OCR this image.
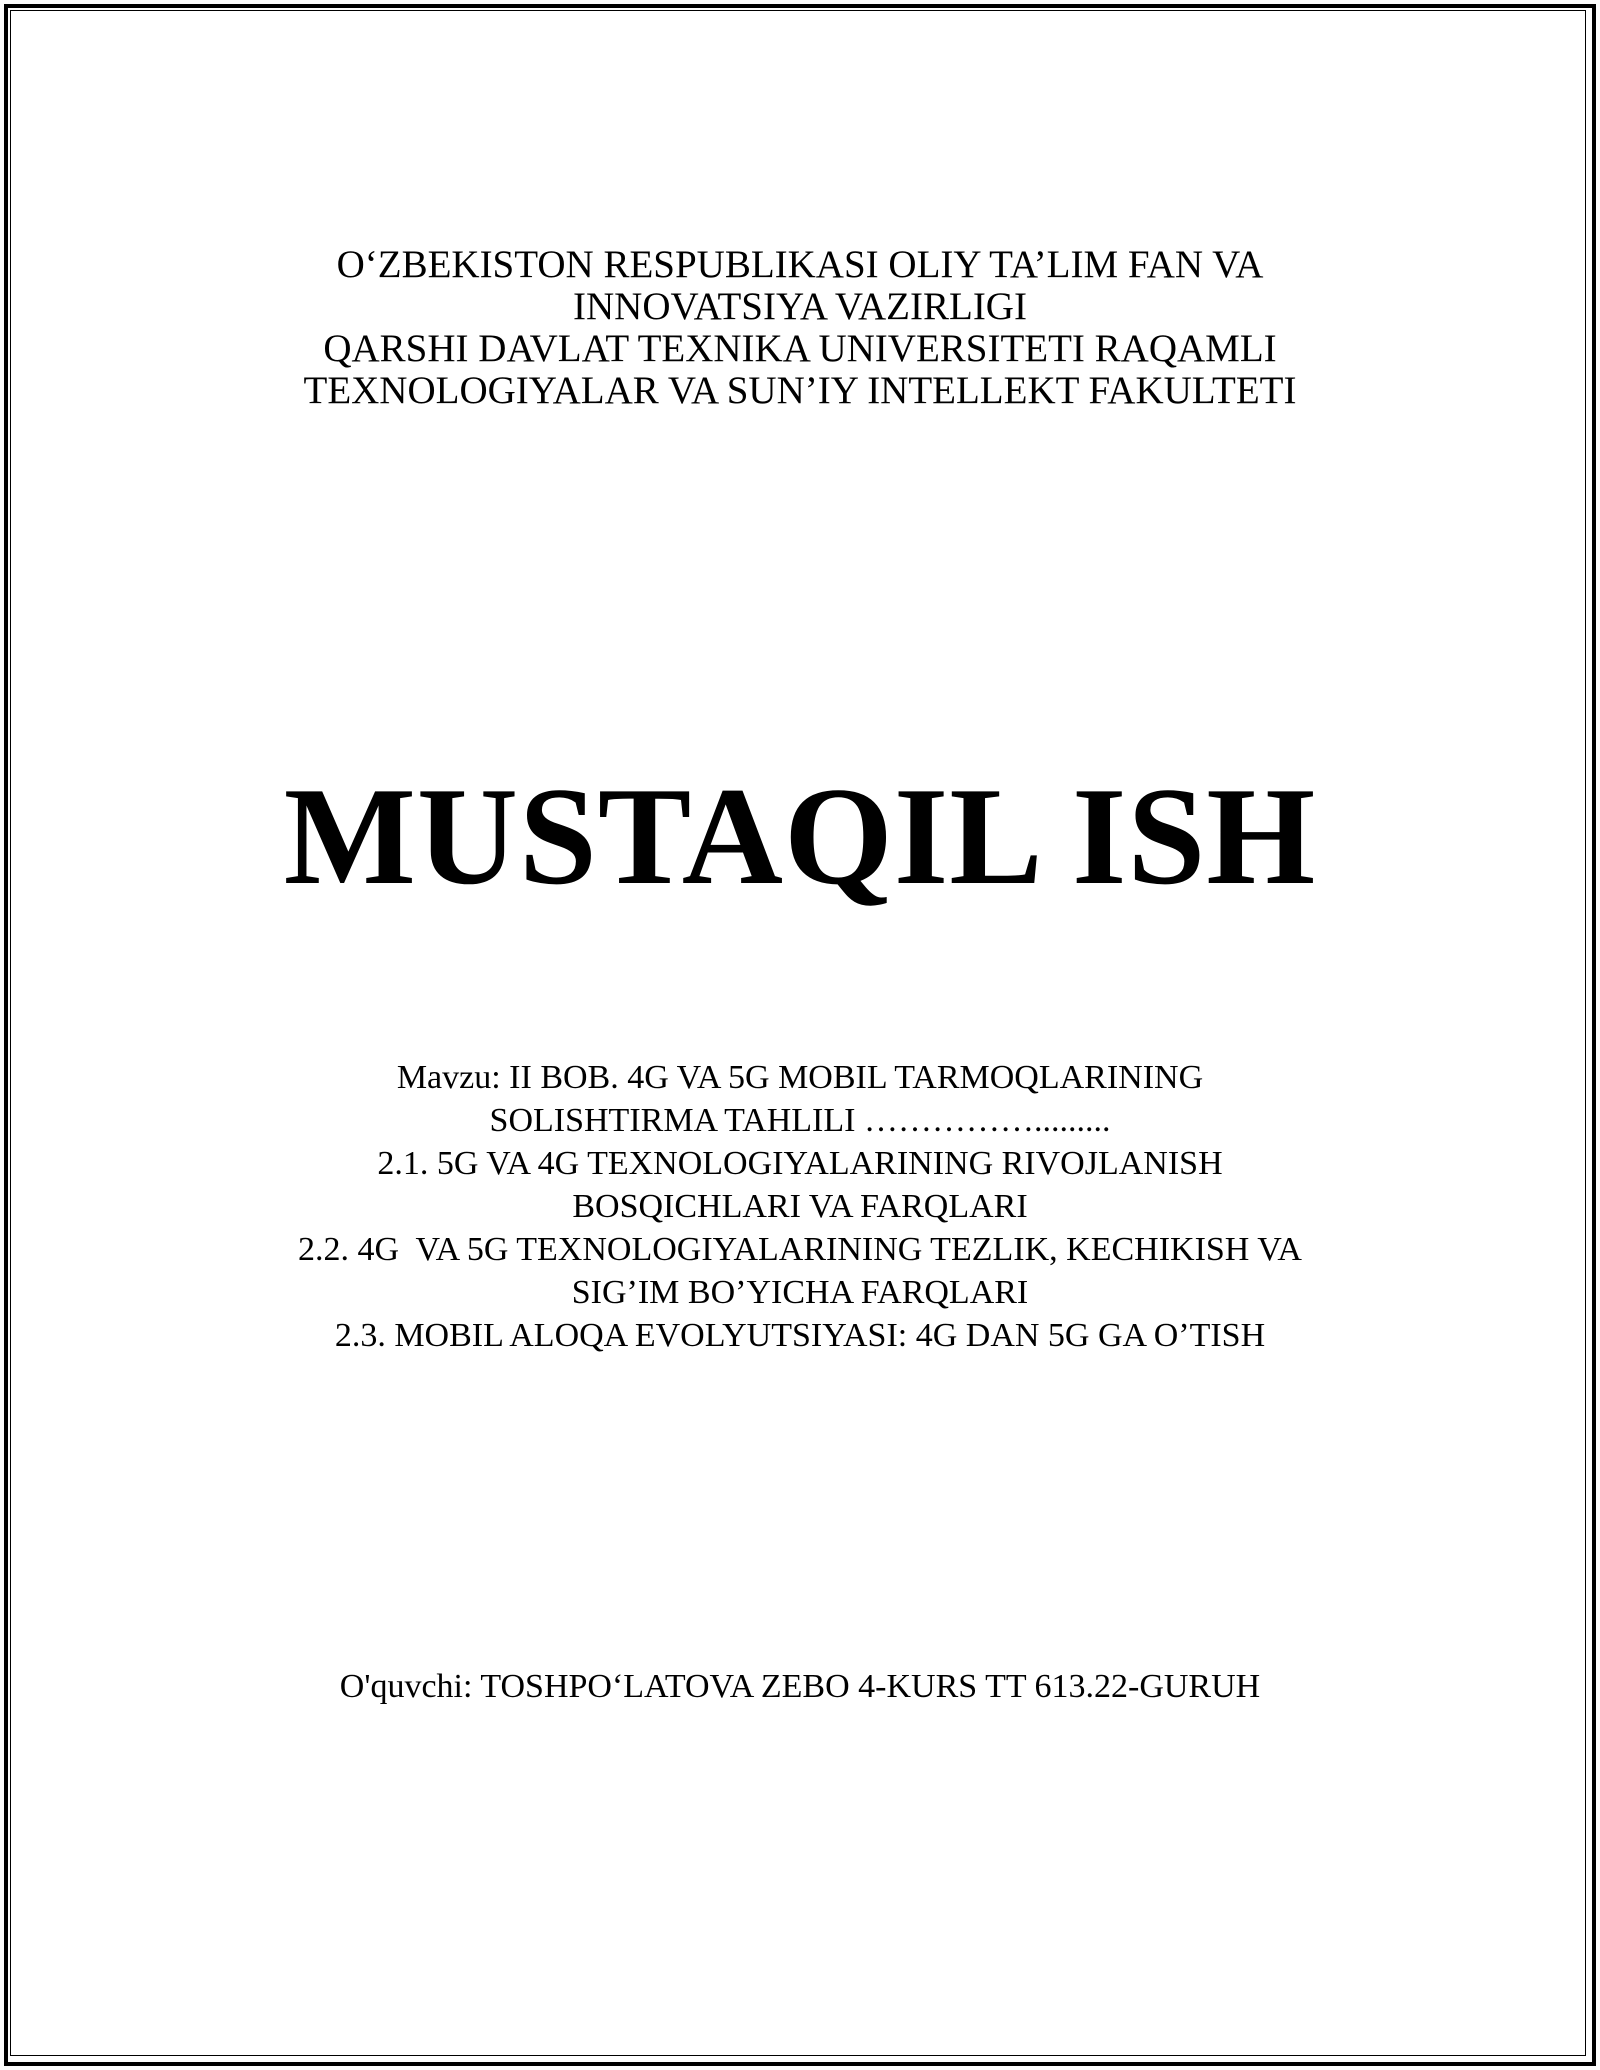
O‘ZBEKISTON RESPUBLIKASI OLIY TA’LIM FAN VA
INNOVATSIYA VAZIRLIGI
QARSHI DAVLAT TEXNIKA UNIVERSITETI RAQAMLI
TEXNOLOGIYALAR VA SUN’IY INTELLEKT FAKULTETI
MUSTAQIL ISH
Mavzu: II BOB. 4G VA 5G MOBIL TARMOQLARINING
SOLISHTIRMA TAHLILI …………….........
2.1. 5G VA 4G TEXNOLOGIYALARINING RIVOJLANISH
BOSQICHLARI VA FARQLARI
2.2. 4G  VA 5G TEXNOLOGIYALARINING TEZLIK, KECHIKISH VA
SIG’IM BO’YICHA FARQLARI
2.3. MOBIL ALOQA EVOLYUTSIYASI: 4G DAN 5G GA O’TISH
O'quvchi: TOSHPO‘LATOVA ZEBO 4-KURS TT 613.22-GURUH
